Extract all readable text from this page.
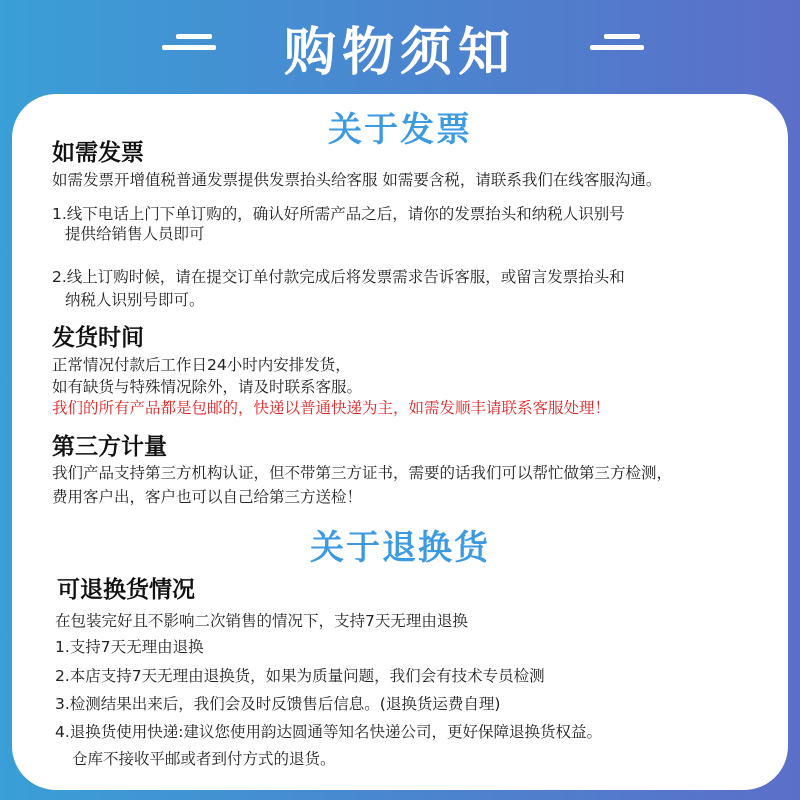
购物须知
关于发票
如需发票
如需发票开增值税普通发票提供发票抬头给客服 如需要含税，请联系我们在线客服沟通。
1.线下电话上门下单订购的，确认好所需产品之后，请你的发票抬头和纳税人识别号
提供给销售人员即可
2.线上订购时候，请在提交订单付款完成后将发票需求告诉客服，或留言发票抬头和
纳税人识别号即可。
发货时间
正常情况付款后工作日24小时内安排发货，
如有缺货与特殊情况除外，请及时联系客服。
我们的所有产品都是包邮的，快递以普通快递为主，如需发顺丰请联系客服处理！
第三方计量
我们产品支持第三方机构认证，但不带第三方证书，需要的话我们可以帮忙做第三方检测，
费用客户出，客户也可以自己给第三方送检！
关于退换货
可退换货情况
在包装完好且不影响二次销售的情况下，支持7天无理由退换
1.支持7天无理由退换
2.本店支持7天无理由退换货，如果为质量问题，我们会有技术专员检测
3.检测结果出来后，我们会及时反馈售后信息。(退换货运费自理)
4.退换货使用快递:建议您使用韵达圆通等知名快递公司，更好保障退换货权益。
仓库不接收平邮或者到付方式的退货。
